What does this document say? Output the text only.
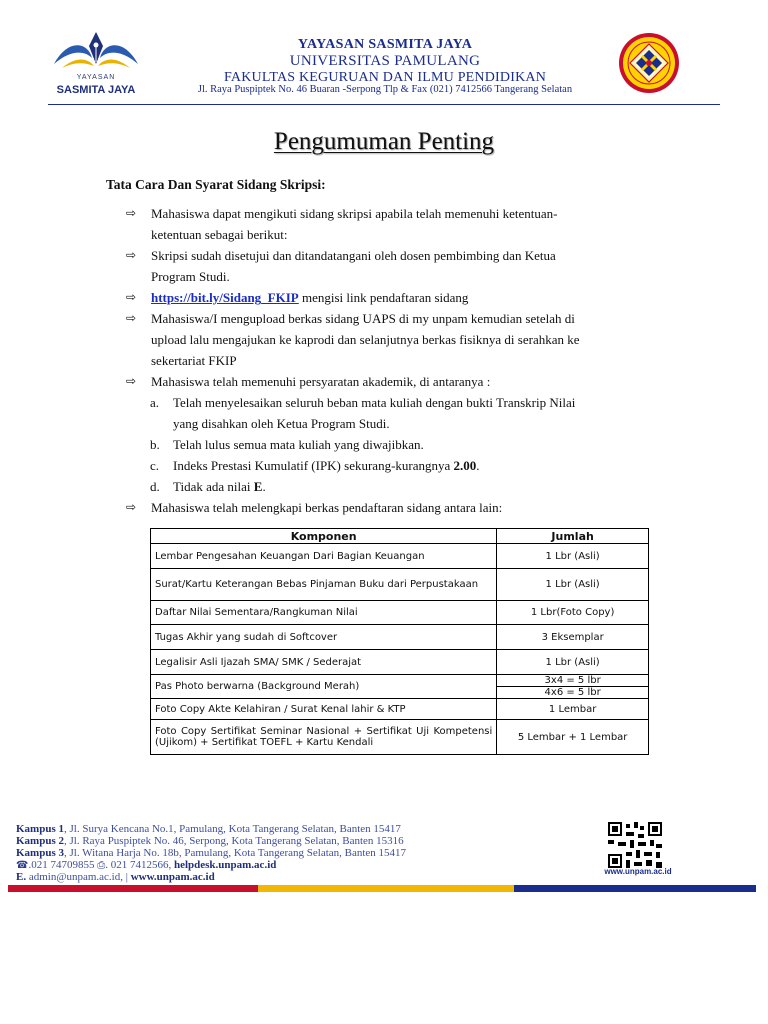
YAYASAN
SASMITA JAYA
YAYASAN SASMITA JAYA
UNIVERSITAS PAMULANG
FAKULTAS KEGURUAN DAN ILMU PENDIDIKAN
Jl. Raya Puspiptek No. 46 Buaran -Serpong Tlp & Fax (021) 7412566 Tangerang Selatan
Pengumuman Penting
Tata Cara Dan Syarat Sidang Skripsi:
⇨	Mahasiswa dapat mengikuti sidang skripsi apabila telah memenuhi ketentuan-
ketentuan sebagai berikut:
⇨	Skripsi sudah disetujui dan ditandatangani oleh dosen pembimbing dan Ketua
Program Studi.
⇨	https://bit.ly/Sidang_FKIP mengisi link pendaftaran sidang
⇨	Mahasiswa/I mengupload berkas sidang UAPS di my unpam kemudian setelah di
upload lalu mengajukan ke kaprodi dan selanjutnya berkas fisiknya di serahkan ke
sekertariat FKIP
⇨	Mahasiswa telah memenuhi persyaratan akademik, di antaranya :
a. Telah menyelesaikan seluruh beban mata kuliah dengan bukti Transkrip Nilai
yang disahkan oleh Ketua Program Studi.
b. Telah lulus semua mata kuliah yang diwajibkan.
c. Indeks Prestasi Kumulatif (IPK) sekurang-kurangnya 2.00.
d. Tidak ada nilai E.
⇨	Mahasiswa telah melengkapi berkas pendaftaran sidang antara lain:
Komponen	Jumlah
Lembar Pengesahan Keuangan Dari Bagian Keuangan	1 Lbr (Asli)
Surat/Kartu Keterangan Bebas Pinjaman Buku dari Perpustakaan	1 Lbr (Asli)
Daftar Nilai Sementara/Rangkuman Nilai	1 Lbr(Foto Copy)
Tugas Akhir yang sudah di Softcover	3 Eksemplar
Legalisir Asli Ijazah SMA/ SMK / Sederajat	1 Lbr (Asli)
Pas Photo berwarna (Background Merah)	3x4 = 5 lbr
4x6 = 5 lbr

Foto Copy Akte Kelahiran / Surat Kenal lahir & KTP	1 Lembar
Foto Copy Sertifikat Seminar Nasional + Sertifikat Uji Kompetensi (Ujikom) + Sertifikat TOEFL + Kartu Kendali	5 Lembar + 1 Lembar
Kampus 1, Jl. Surya Kencana No.1, Pamulang, Kota Tangerang Selatan, Banten 15417
Kampus 2, Jl. Raya Puspiptek No. 46, Serpong, Kota Tangerang Selatan, Banten 15316
Kampus 3, Jl. Witana Harja No. 18b, Pamulang, Kota Tangerang Selatan, Banten 15417
☎.021 74709855 ⎙. 021 7412566, helpdesk.unpam.ac.id
E. admin@unpam.ac.id, | www.unpam.ac.id	www.unpam.ac.id
